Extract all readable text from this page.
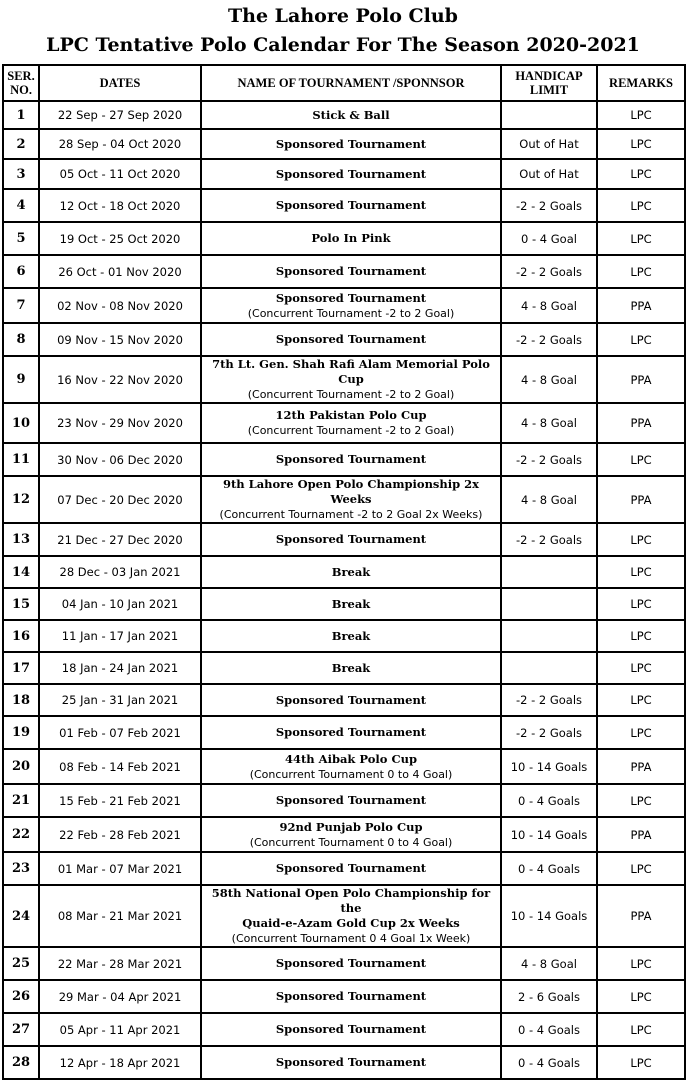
The Lahore Polo Club
LPC Tentative Polo Calendar For The Season 2020-2021
SER.
NO.	DATES	NAME OF TOURNAMENT /SPONNSOR	HANDICAP
LIMIT	REMARKS
1	22 Sep - 27 Sep 2020	Stick & Ball		LPC
2	28 Sep - 04 Oct 2020	Sponsored Tournament	Out of Hat	LPC
3	05 Oct - 11 Oct 2020	Sponsored Tournament	Out of Hat	LPC
4	12 Oct - 18 Oct 2020	Sponsored Tournament	-2 - 2 Goals	LPC
5	19 Oct - 25 Oct 2020	Polo In Pink	0 - 4 Goal	LPC
6	26 Oct - 01 Nov 2020	Sponsored Tournament	-2 - 2 Goals	LPC
7	02 Nov - 08 Nov 2020	Sponsored Tournament
(Concurrent Tournament -2 to 2 Goal)	4 - 8 Goal	PPA
8	09 Nov - 15 Nov 2020	Sponsored Tournament	-2 - 2 Goals	LPC
9	16 Nov - 22 Nov 2020	7th Lt. Gen. Shah Rafi Alam Memorial Polo Cup
(Concurrent Tournament -2 to 2 Goal)	4 - 8 Goal	PPA
10	23 Nov - 29 Nov 2020	12th Pakistan Polo Cup
(Concurrent Tournament -2 to 2 Goal)	4 - 8 Goal	PPA
11	30 Nov - 06 Dec 2020	Sponsored Tournament	-2 - 2 Goals	LPC
12	07 Dec - 20 Dec 2020	9th Lahore Open Polo Championship 2x Weeks
(Concurrent Tournament -2 to 2 Goal 2x Weeks)	4 - 8 Goal	PPA
13	21 Dec - 27 Dec 2020	Sponsored Tournament	-2 - 2 Goals	LPC
14	28 Dec - 03 Jan 2021	Break		LPC
15	04 Jan - 10 Jan 2021	Break		LPC
16	11 Jan - 17 Jan 2021	Break		LPC
17	18 Jan - 24 Jan 2021	Break		LPC
18	25 Jan - 31 Jan 2021	Sponsored Tournament	-2 - 2 Goals	LPC
19	01 Feb - 07 Feb 2021	Sponsored Tournament	-2 - 2 Goals	LPC
20	08 Feb - 14 Feb 2021	44th Aibak Polo Cup
(Concurrent Tournament 0 to 4 Goal)	10 - 14 Goals	PPA
21	15 Feb - 21 Feb 2021	Sponsored Tournament	0 - 4 Goals	LPC
22	22 Feb - 28 Feb 2021	92nd Punjab Polo Cup
(Concurrent Tournament 0 to 4 Goal)	10 - 14 Goals	PPA
23	01 Mar - 07 Mar 2021	Sponsored Tournament	0 - 4 Goals	LPC
24	08 Mar - 21 Mar 2021	58th National Open Polo Championship for the
Quaid-e-Azam Gold Cup 2x Weeks
(Concurrent Tournament 0 4 Goal 1x Week)	10 - 14 Goals	PPA
25	22 Mar - 28 Mar 2021	Sponsored Tournament	4 - 8 Goal	LPC
26	29 Mar - 04 Apr 2021	Sponsored Tournament	2 - 6 Goals	LPC
27	05 Apr - 11 Apr 2021	Sponsored Tournament	0 - 4 Goals	LPC
28	12 Apr - 18 Apr 2021	Sponsored Tournament	0 - 4 Goals	LPC
